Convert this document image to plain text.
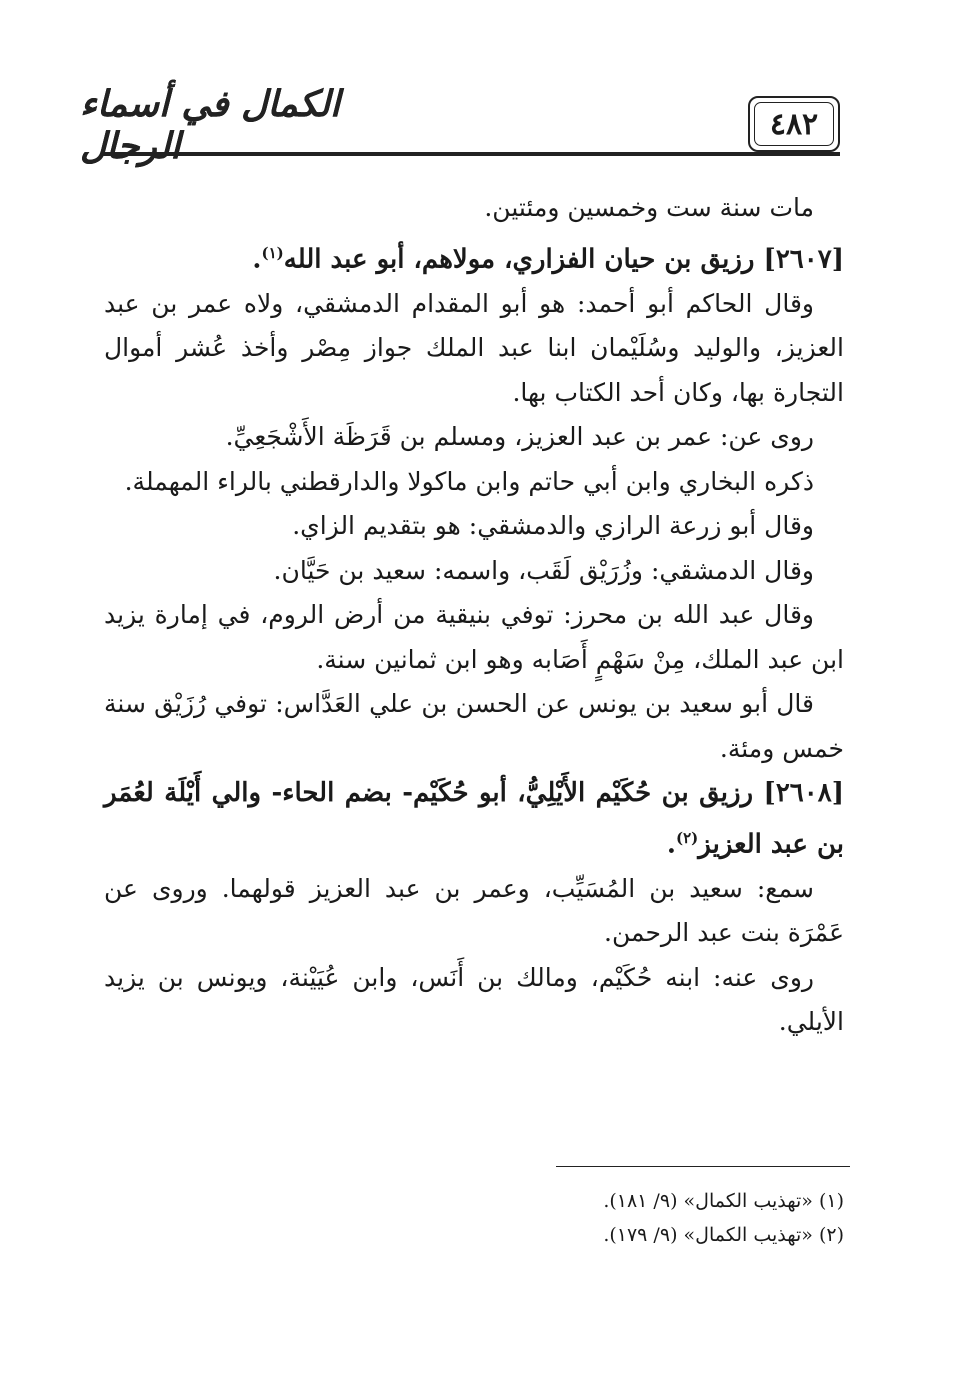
٤٨٢
الكمال في أسماء الرجال

مات سنة ست وخمسين ومئتين.

[٢٦٠٧] رزيق بن حيان الفزاري، مولاهم، أبو عبد الله$^{(١)}$.

وقال الحاكم أبو أحمد: هو أبو المقدام الدمشقي، ولاه عمر بن عبد العزيز، والوليد وسُلَيْمان ابنا عبد الملك جواز مِصْر وأخذ عُشر أموال التجارة بها، وكان أحد الكتاب بها.

روى عن: عمر بن عبد العزيز، ومسلم بن قَرَظَة الأَشْجَعِيِّ.

ذكره البخاري وابن أبي حاتم وابن ماكولا والدارقطني بالراء المهملة.

وقال أبو زرعة الرازي والدمشقي: هو بتقديم الزاي.

وقال الدمشقي: وزُرَيْق لَقَب، واسمه: سعيد بن حَيَّان.

وقال عبد الله بن محرز: توفي بنيقية من أرض الروم، في إمارة يزيد ابن عبد الملك، مِنْ سَهْمٍ أَصَابه وهو ابن ثمانين سنة.

قال أبو سعيد بن يونس عن الحسن بن علي العَدَّاس: توفي رُزَيْق سنة خمس ومئة.

[٢٦٠٨] رزيق بن حُكَيْم الأَيْلِيُّ، أبو حُكَيْم- بضم الحاء- والي أَيْلَة لعُمَر بن عبد العزيز$^{(٢)}$.

سمع: سعيد بن المُسَيِّب، وعمر بن عبد العزيز قولهما. وروى عن عَمْرَة بنت عبد الرحمن.

روى عنه: ابنه حُكَيْم، ومالك بن أَنَس، وابن عُيَيْنة، ويونس بن يزيد الأيلي.

(١) «تهذيب الكمال» (٩/ ١٨١).

(٢) «تهذيب الكمال» (٩/ ١٧٩).
